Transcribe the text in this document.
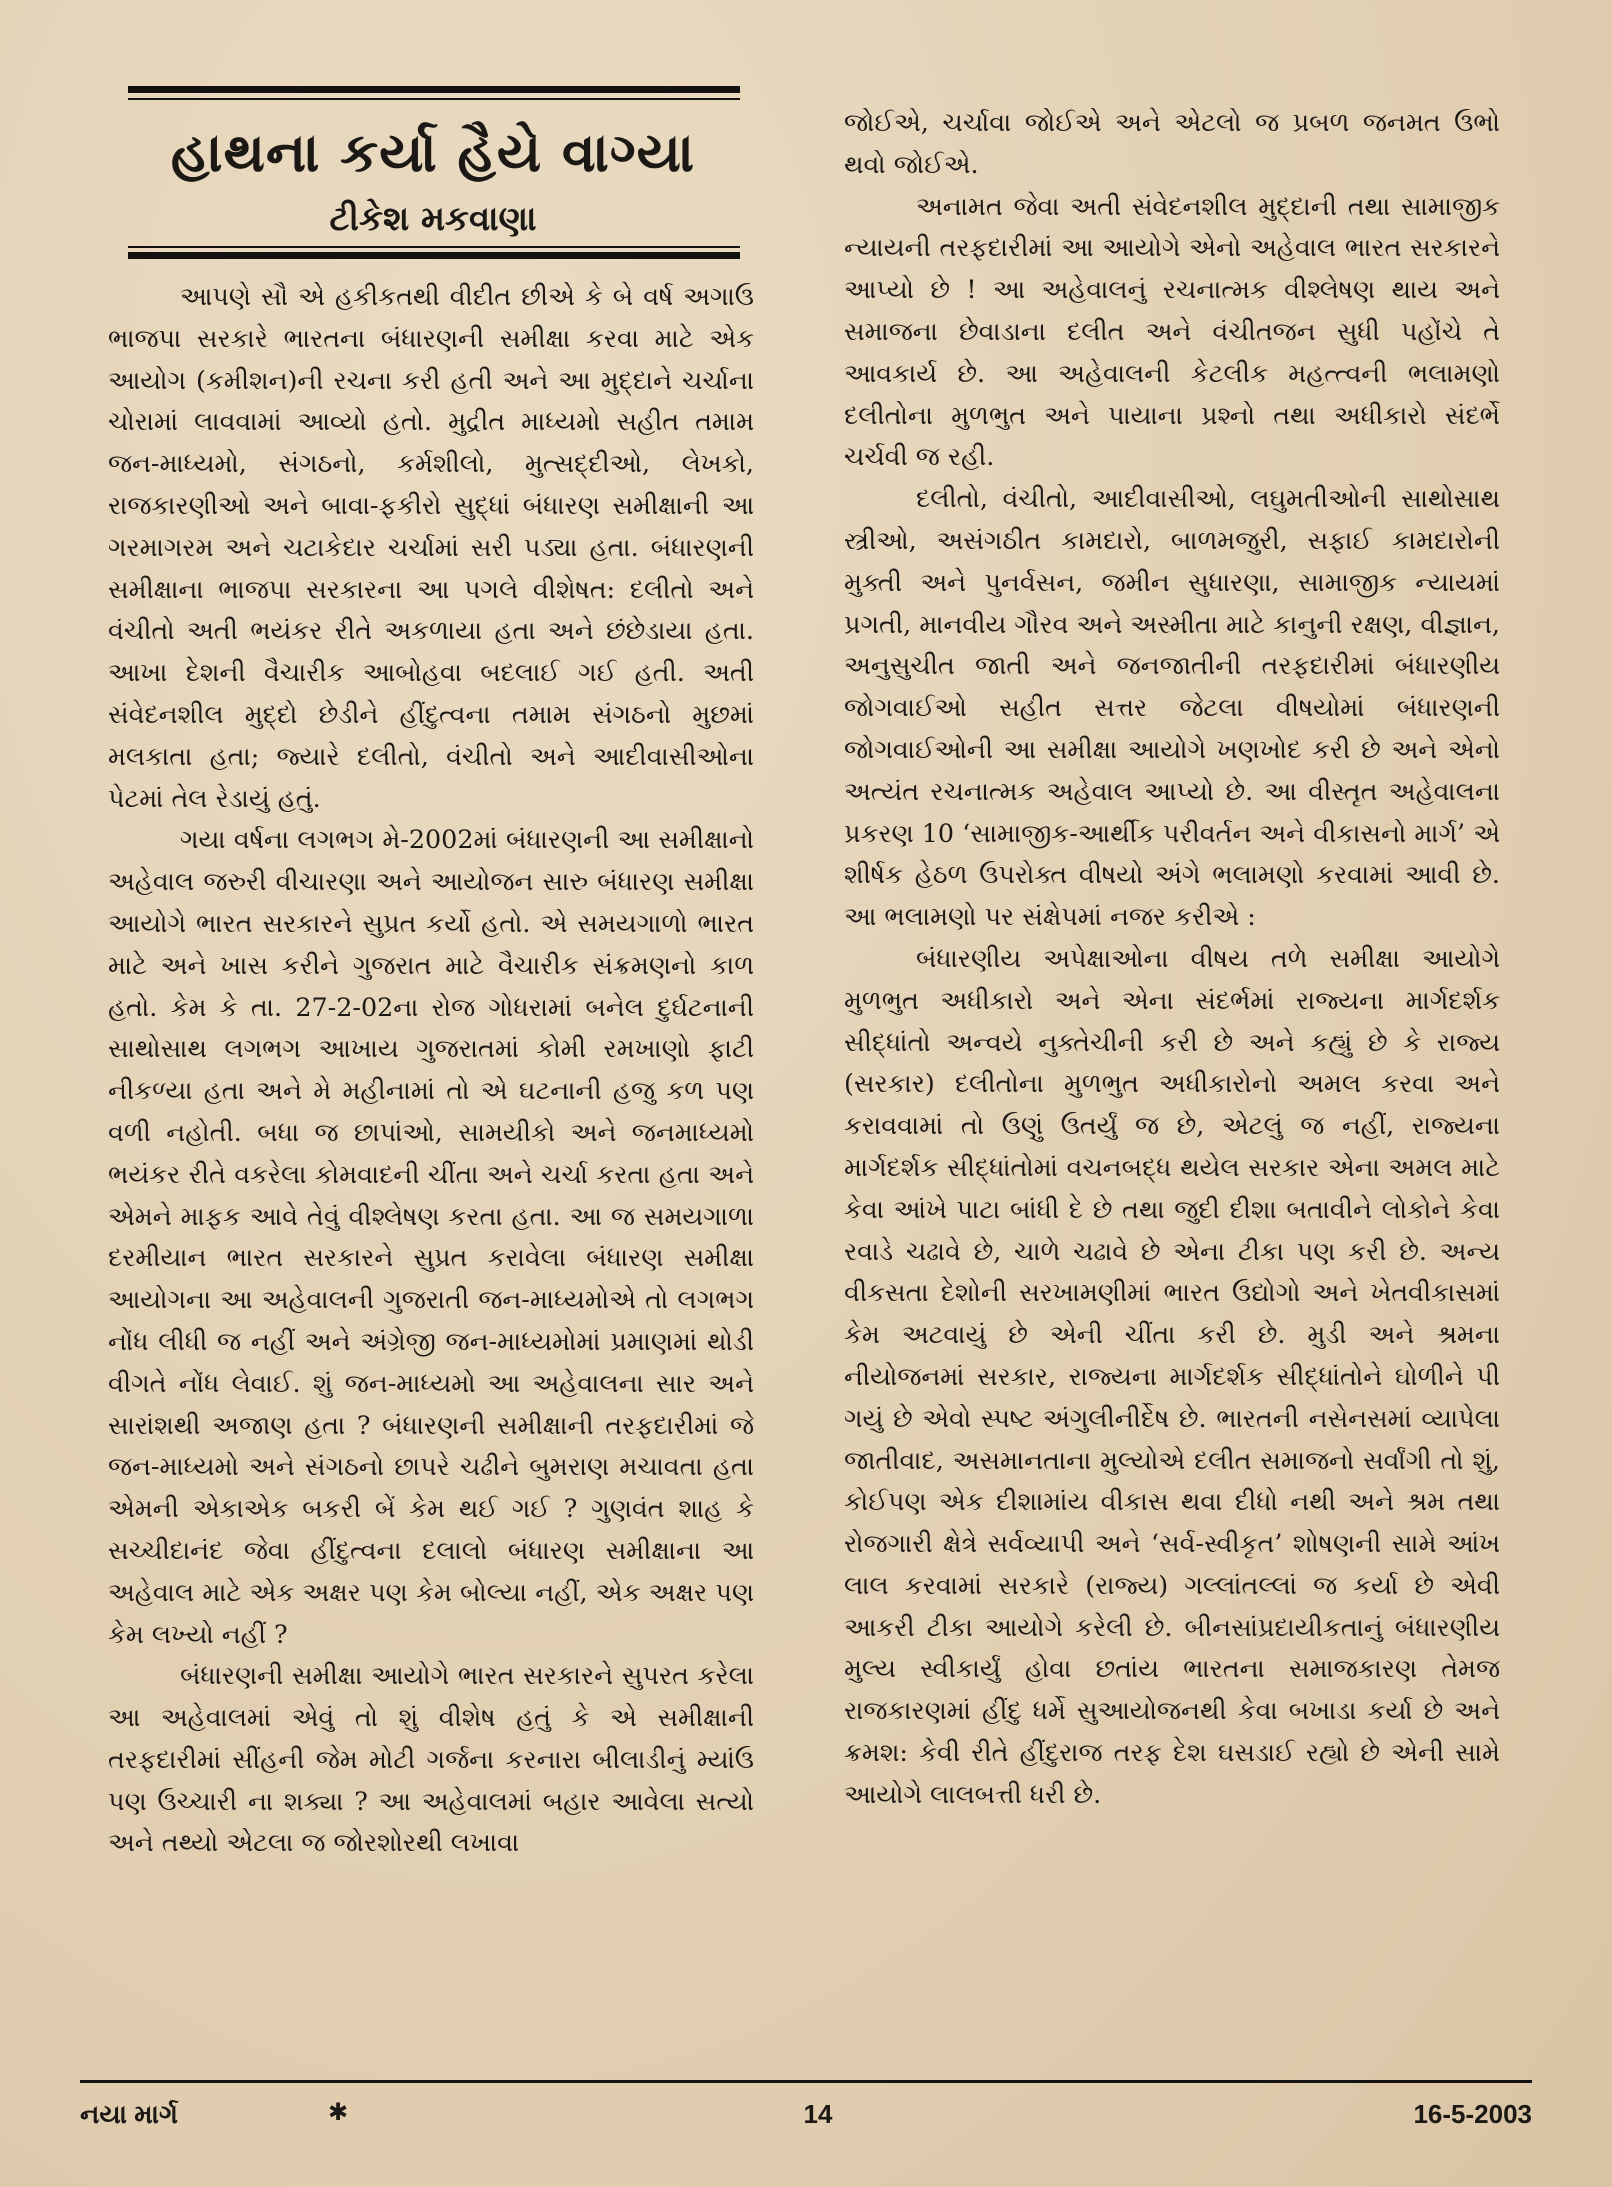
હાથના કર્યા હૈયે વાગ્યા
ટીકેશ મકવાણા

આપણે સૌ એ હકીકતથી વીદીત છીએ કે બે વર્ષ અગાઉ ભાજપા સરકારે ભારતના બંધારણની સમીક્ષા કરવા માટે એક આયોગ (કમીશન)ની રચના કરી હતી અને આ મુદ્દાને ચર્ચાના ચોરામાં લાવવામાં આવ્યો હતો. મુદ્રીત માધ્યમો સહીત તમામ જન-માધ્યમો, સંગઠનો, કર્મશીલો, મુત્સદ્દીઓ, લેખકો, રાજકારણીઓ અને બાવા-ફકીરો સુદ્ધાં બંધારણ સમીક્ષાની આ ગરમાગરમ અને ચટાકેદાર ચર્ચામાં સરી પડ્યા હતા. બંધારણની સમીક્ષાના ભાજપા સરકારના આ પગલે વીશેષત: દલીતો અને વંચીતો અતી ભયંકર રીતે અકળાયા હતા અને છંછેડાયા હતા. આખા દેશની વૈચારીક આબોહવા બદલાઈ ગઈ હતી. અતી સંવેદનશીલ મુદ્દો છેડીને હીંદુત્વના તમામ સંગઠનો મુછમાં મલકાતા હતા; જ્યારે દલીતો, વંચીતો અને આદીવાસીઓના પેટમાં તેલ રેડાયું હતું.

ગયા વર્ષના લગભગ મે-2002માં બંધારણની આ સમીક્ષાનો અહેવાલ જરુરી વીચારણા અને આયોજન સારુ બંધારણ સમીક્ષા આયોગે ભારત સરકારને સુપ્રત કર્યો હતો. એ સમયગાળો ભારત માટે અને ખાસ કરીને ગુજરાત માટે વૈચારીક સંક્રમણનો કાળ હતો. કેમ કે તા. 27-2-02ના રોજ ગોધરામાં બનેલ દુર્ઘટનાની સાથોસાથ લગભગ આખાય ગુજરાતમાં કોમી રમખાણો ફાટી નીકળ્યા હતા અને મે મહીનામાં તો એ ઘટનાની હજુ કળ પણ વળી નહોતી. બધા જ છાપાંઓ, સામયીકો અને જનમાધ્યમો ભયંકર રીતે વકરેલા કોમવાદની ચીંતા અને ચર્ચા કરતા હતા અને એમને માફક આવે તેવું વીશ્લેષણ કરતા હતા. આ જ સમયગાળા દરમીયાન ભારત સરકારને સુપ્રત કરાવેલા બંધારણ સમીક્ષા આયોગના આ અહેવાલની ગુજરાતી જન-માધ્યમોએ તો લગભગ નોંધ લીધી જ નહીં અને અંગ્રેજી જન-માધ્યમોમાં પ્રમાણમાં થોડી વીગતે નોંધ લેવાઈ. શું જન-માધ્યમો આ અહેવાલના સાર અને સારાંશથી અજાણ હતા ? બંધારણની સમીક્ષાની તરફદારીમાં જે જન-માધ્યમો અને સંગઠનો છાપરે ચઢીને બુમરાણ મચાવતા હતા એમની એકાએક બકરી બેં કેમ થઈ ગઈ ? ગુણવંત શાહ કે સચ્ચીદાનંદ જેવા હીંદુત્વના દલાલો બંધારણ સમીક્ષાના આ અહેવાલ માટે એક અક્ષર પણ કેમ બોલ્યા નહીં, એક અક્ષર પણ કેમ લખ્યો નહીં ?

બંધારણની સમીક્ષા આયોગે ભારત સરકારને સુપરત કરેલા આ અહેવાલમાં એવું તો શું વીશેષ હતું કે એ સમીક્ષાની તરફદારીમાં સીંહની જેમ મોટી ગર્જના કરનારા બીલાડીનું મ્યાંઉ પણ ઉચ્ચારી ના શક્યા ? આ અહેવાલમાં બહાર આવેલા સત્યો અને તથ્યો એટલા જ જોરશોરથી લખાવા

જોઈએ, ચર્ચાવા જોઈએ અને એટલો જ પ્રબળ જનમત ઉભો થવો જોઈએ.

અનામત જેવા અતી સંવેદનશીલ મુદ્દાની તથા સામાજીક ન્યાયની તરફદારીમાં આ આયોગે એનો અહેવાલ ભારત સરકારને આપ્યો છે ! આ અહેવાલનું રચનાત્મક વીશ્લેષણ થાય અને સમાજના છેવાડાના દલીત અને વંચીતજન સુધી પહોંચે તે આવકાર્ય છે. આ અહેવાલની કેટલીક મહત્ત્વની ભલામણો દલીતોના મુળભુત અને પાયાના પ્રશ્નો તથા અધીકારો સંદર્ભે ચર્ચવી જ રહી.

દલીતો, વંચીતો, આદીવાસીઓ, લઘુમતીઓની સાથોસાથ સ્ત્રીઓ, અસંગઠીત કામદારો, બાળમજુરી, સફાઈ કામદારોની મુક્તી અને પુનર્વસન, જમીન સુધારણા, સામાજીક ન્યાયમાં પ્રગતી, માનવીય ગૌરવ અને અસ્મીતા માટે કાનુની રક્ષણ, વીજ્ઞાન, અનુસુચીત જાતી અને જનજાતીની તરફદારીમાં બંધારણીય જોગવાઈઓ સહીત સત્તર જેટલા વીષયોમાં બંધારણની જોગવાઈઓની આ સમીક્ષા આયોગે ખણખોદ કરી છે અને એનો અત્યંત રચનાત્મક અહેવાલ આપ્યો છે. આ વીસ્તૃત અહેવાલના પ્રકરણ 10 ‘સામાજીક-આર્થીક પરીવર્તન અને વીકાસનો માર્ગ’ એ શીર્ષક હેઠળ ઉપરોક્ત વીષયો અંગે ભલામણો કરવામાં આવી છે. આ ભલામણો પર સંક્ષેપમાં નજર કરીએ :

બંધારણીય અપેક્ષાઓના વીષય તળે સમીક્ષા આયોગે મુળભુત અધીકારો અને એના સંદર્ભમાં રાજ્યના માર્ગદર્શક સીદ્ધાંતો અન્વયે નુક્તેચીની કરી છે અને કહ્યું છે કે રાજ્ય (સરકાર) દલીતોના મુળભુત અધીકારોનો અમલ કરવા અને કરાવવામાં તો ઉણું ઉતર્યું જ છે, એટલું જ નહીં, રાજ્યના માર્ગદર્શક સીદ્ધાંતોમાં વચનબદ્ધ થયેલ સરકાર એના અમલ માટે કેવા આંખે પાટા બાંધી દે છે તથા જુદી દીશા બતાવીને લોકોને કેવા રવાડે ચઢાવે છે, ચાળે ચઢાવે છે એના ટીકા પણ કરી છે. અન્ય વીકસતા દેશોની સરખામણીમાં ભારત ઉદ્યોગો અને ખેતવીકાસમાં કેમ અટવાયું છે એની ચીંતા કરી છે. મુડી અને શ્રમના નીયોજનમાં સરકાર, રાજ્યના માર્ગદર્શક સીદ્ધાંતોને ઘોળીને પી ગયું છે એવો સ્પષ્ટ અંગુલીનીર્દેષ છે. ભારતની નસેનસમાં વ્યાપેલા જાતીવાદ, અસમાનતાના મુલ્યોએ દલીત સમાજનો સર્વાંગી તો શું, કોઈપણ એક દીશામાંય વીકાસ થવા દીધો નથી અને શ્રમ તથા રોજગારી ક્ષેત્રે સર્વવ્યાપી અને ‘સર્વ-સ્વીકૃત’ શોષણની સામે આંખ લાલ કરવામાં સરકારે (રાજ્ય) ગલ્લાંતલ્લાં જ કર્યા છે એવી આકરી ટીકા આયોગે કરેલી છે. બીનસાંપ્રદાયીકતાનું બંધારણીય મુલ્ય સ્વીકાર્યું હોવા છતાંય ભારતના સમાજકારણ તેમજ રાજકારણમાં હીંદુ ધર્મે સુઆયોજનથી કેવા બખાડા કર્યા છે અને ક્રમશ: કેવી રીતે હીંદુરાજ તરફ દેશ ઘસડાઈ રહ્યો છે એની સામે આયોગે લાલબત્તી ધરી છે.

નયા માર્ગ	✱	14	16-5-2003
